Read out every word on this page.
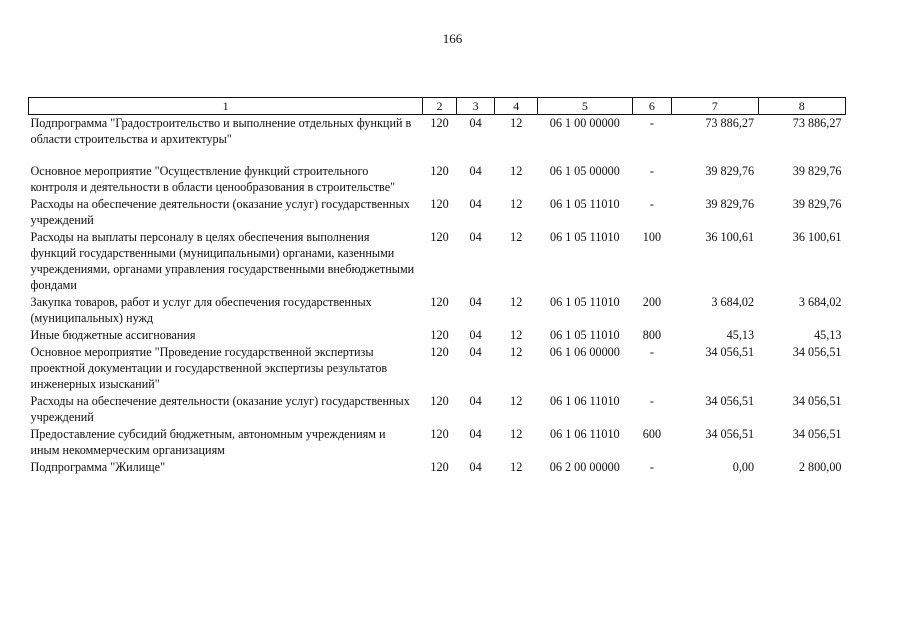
166
1	2	3	4	5	6	7	8
Подпрограмма "Градостроительство и выполнение отдельных функций в области строительства и архитектуры"	120	04	12	06 1 00 00000	-	73 886,27	73 886,27
Основное мероприятие "Осуществление функций строительного контроля и деятельности в области ценообразования в строительстве"	120	04	12	06 1 05 00000	-	39 829,76	39 829,76
Расходы на обеспечение деятельности (оказание услуг) государственных учреждений	120	04	12	06 1 05 11010	-	39 829,76	39 829,76
Расходы на выплаты персоналу в целях обеспечения выполнения функций государственными (муниципальными) органами, казенными учреждениями, органами управления государственными внебюджетными фондами	120	04	12	06 1 05 11010	100	36 100,61	36 100,61
Закупка товаров, работ и услуг для обеспечения государственных (муниципальных) нужд	120	04	12	06 1 05 11010	200	3 684,02	3 684,02
Иные бюджетные ассигнования	120	04	12	06 1 05 11010	800	45,13	45,13
Основное мероприятие "Проведение государственной экспертизы проектной документации и государственной экспертизы результатов инженерных изысканий"	120	04	12	06 1 06 00000	-	34 056,51	34 056,51
Расходы на обеспечение деятельности (оказание услуг) государственных учреждений	120	04	12	06 1 06 11010	-	34 056,51	34 056,51
Предоставление субсидий бюджетным, автономным учреждениям и иным некоммерческим организациям	120	04	12	06 1 06 11010	600	34 056,51	34 056,51
Подпрограмма "Жилище"	120	04	12	06 2 00 00000	-	0,00	2 800,00
